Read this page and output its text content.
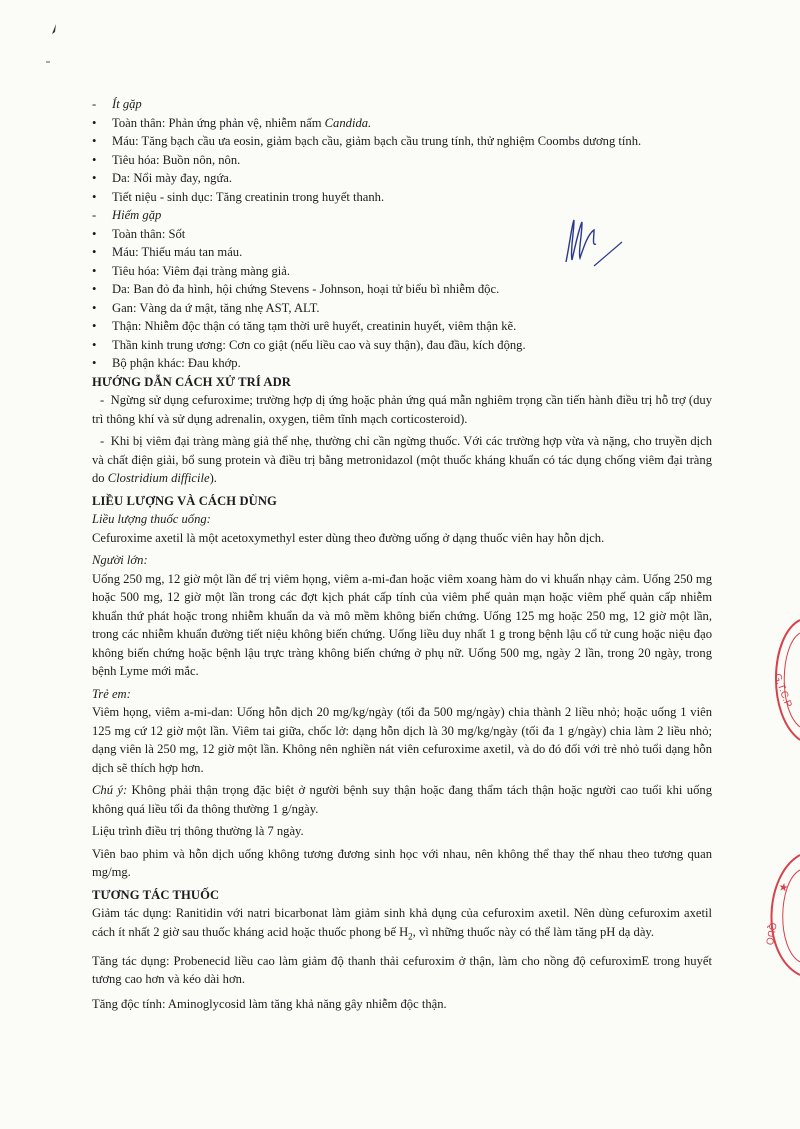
G.T.C.P
★
QUỐ
-	Ít gặp
•	Toàn thân: Phản ứng phản vệ, nhiễm nấm Candida.
•	Máu: Tăng bạch cầu ưa eosin, giảm bạch cầu, giảm bạch cầu trung tính, thử nghiệm Coombs dương tính.
•	Tiêu hóa: Buồn nôn, nôn.
•	Da: Nổi mày đay, ngứa.
•	Tiết niệu - sinh dục: Tăng creatinin trong huyết thanh.
-	Hiếm gặp
•	Toàn thân: Sốt
•	Máu: Thiếu máu tan máu.
•	Tiêu hóa: Viêm đại tràng màng giả.
•	Da: Ban đỏ đa hình, hội chứng Stevens - Johnson, hoại tử biểu bì nhiễm độc.
•	Gan: Vàng da ứ mật, tăng nhẹ AST, ALT.
•	Thận: Nhiễm độc thận có tăng tạm thời urê huyết, creatinin huyết, viêm thận kẽ.
•	Thần kinh trung ương: Cơn co giật (nếu liều cao và suy thận), đau đầu, kích động.
•	Bộ phận khác: Đau khớp.
HƯỚNG DẪN CÁCH XỬ TRÍ ADR

- Ngừng sử dụng cefuroxime; trường hợp dị ứng hoặc phản ứng quá mẫn nghiêm trọng cần tiến hành điều trị hỗ trợ (duy trì thông khí và sử dụng adrenalin, oxygen, tiêm tĩnh mạch corticosteroid).

- Khi bị viêm đại tràng màng giả thể nhẹ, thường chỉ cần ngừng thuốc. Với các trường hợp vừa và nặng, cho truyền dịch và chất điện giải, bổ sung protein và điều trị bằng metronidazol (một thuốc kháng khuẩn có tác dụng chống viêm đại tràng do Clostridium difficile).

LIỀU LƯỢNG VÀ CÁCH DÙNG
Liều lượng thuốc uống:

Cefuroxime axetil là một acetoxymethyl ester dùng theo đường uống ở dạng thuốc viên hay hỗn dịch.

Người lớn:

Uống 250 mg, 12 giờ một lần để trị viêm họng, viêm a-mi-đan hoặc viêm xoang hàm do vi khuẩn nhạy cảm. Uống 250 mg hoặc 500 mg, 12 giờ một lần trong các đợt kịch phát cấp tính của viêm phế quản mạn hoặc viêm phế quản cấp nhiễm khuẩn thứ phát hoặc trong nhiễm khuẩn da và mô mềm không biến chứng. Uống 125 mg hoặc 250 mg, 12 giờ một lần, trong các nhiễm khuẩn đường tiết niệu không biến chứng. Uống liều duy nhất 1 g trong bệnh lậu cổ tử cung hoặc niệu đạo không biến chứng hoặc bệnh lậu trực tràng không biến chứng ở phụ nữ. Uống 500 mg, ngày 2 lần, trong 20 ngày, trong bệnh Lyme mới mắc.

Trẻ em:

Viêm họng, viêm a-mi-dan: Uống hỗn dịch 20 mg/kg/ngày (tối đa 500 mg/ngày) chia thành 2 liều nhỏ; hoặc uống 1 viên 125 mg cứ 12 giờ một lần. Viêm tai giữa, chốc lở: dạng hỗn dịch là 30 mg/kg/ngày (tối đa 1 g/ngày) chia làm 2 liều nhỏ; dạng viên là 250 mg, 12 giờ một lần. Không nên nghiền nát viên cefuroxime axetil, và do đó đối với trẻ nhỏ tuổi dạng hỗn dịch sẽ thích hợp hơn.

Chú ý: Không phải thận trọng đặc biệt ở người bệnh suy thận hoặc đang thẩm tách thận hoặc người cao tuổi khi uống không quá liều tối đa thông thường 1 g/ngày.

Liệu trình điều trị thông thường là 7 ngày.

Viên bao phim và hỗn dịch uống không tương đương sinh học với nhau, nên không thể thay thế nhau theo tương quan mg/mg.

TƯƠNG TÁC THUỐC

Giảm tác dụng: Ranitidin với natri bicarbonat làm giảm sinh khả dụng của cefuroxim axetil. Nên dùng cefuroxim axetil cách ít nhất 2 giờ sau thuốc kháng acid hoặc thuốc phong bế $H_2$, vì những thuốc này có thể làm tăng pH dạ dày.

Tăng tác dụng: Probenecid liều cao làm giảm độ thanh thải cefuroxim ở thận, làm cho nồng độ cefuroximE trong huyết tương cao hơn và kéo dài hơn.

Tăng độc tính: Aminoglycosid làm tăng khả năng gây nhiễm độc thận.
